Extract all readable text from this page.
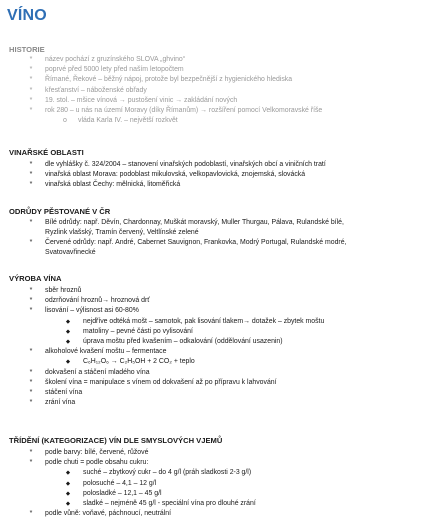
VÍNO
HISTORIE
*	název pochází z gruzínského SLOVA „ghvino“
*	poprvé před 5000 lety před naším letopočtem
*	Římané, Řekové – běžný nápoj, protože byl bezpečnější z hygienického hlediska
*	křesťanství – náboženské obřady
*	19. stol. – mšice vínová → pustošení vinic → zakládání nových
*	rok 280 – u nás na území Moravy (díky Římanům) → rozšíření pomocí Velkomoravské říše
o	vláda Karla IV. – největší rozkvět
VINAŘSKÉ OBLASTI
*	dle vyhlášky č. 324/2004 – stanovení vinařských podoblastí, vinařských obcí a viničních tratí
*	vinařská oblast Morava: podoblast mikulovská, velkopavlovická, znojemská, slovácká
*	vinařská oblast Čechy: mělnická, litoměřická
ODRŮDY PĚSTOVANÉ V ČR
*	Bílé odrůdy: např. Děvín, Chardonnay, Muškát moravský, Muller Thurgau, Pálava, Rulandské bílé,
Ryzlink vlašský, Tramín červený, Veltlínské zelené
*	Červené odrůdy: např. André, Cabernet Sauvignon, Frankovka, Modrý Portugal, Rulandské modré,
Svatovavřinecké
VÝROBA VÍNA
*	sběr hroznů
*	odzrňování hroznů→ hroznová drť
*	lisování – výlisnost asi 60-80%
◆	nejdříve odtéká mošt – samotok, pak lisování tlakem→ dotažek – zbytek moštu
◆	matoliny – pevné části po vylisování
◆	úprava moštu před kvašením – odkalování (oddělování usazenin)
*	alkoholové kvašení moštu – fermentace
◆	C₆H₁₂O₆ → C₂H₅OH + 2 CO₂ + teplo
*	dokvašení a stáčení mladého vína
*	školení vína = manipulace s vínem od dokvašení až po přípravu k lahvování
*	stáčení vína
*	zrání vína
TŘÍDĚNÍ (KATEGORIZACE) VÍN DLE SMYSLOVÝCH VJEMŮ
*	podle barvy: bílé, červené, růžové
*	podle chuti = podle obsahu cukru:
◆	suché – zbytkový cukr – do 4 g/l (práh sladkosti 2-3 g/l)
◆	polosuché – 4,1 – 12 g/l
◆	polosladké – 12,1 – 45 g/l
◆	sladké – nejméně 45 g/l - speciální vína pro dlouhé zrání
*	podle vůně: voňavé, páchnoucí, neutrální
